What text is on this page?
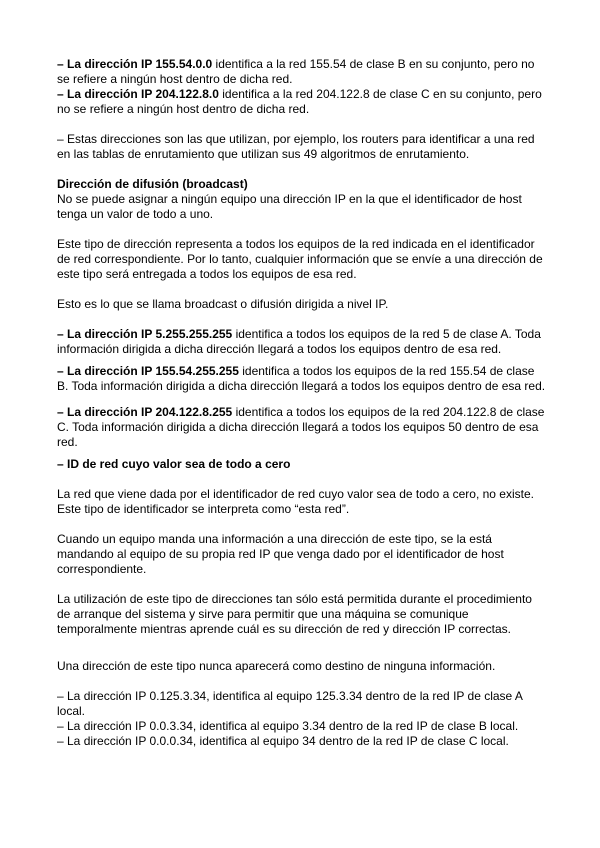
– La dirección IP 155.54.0.0 identifica a la red 155.54 de clase B en su conjunto, pero no se refiere a ningún host dentro de dicha red.

– La dirección IP 204.122.8.0 identifica a la red 204.122.8 de clase C en su conjunto, pero no se refiere a ningún host dentro de dicha red.

– Estas direcciones son las que utilizan, por ejemplo, los routers para identificar a una red en las tablas de enrutamiento que utilizan sus 49 algoritmos de enrutamiento.

Dirección de difusión (broadcast)

No se puede asignar a ningún equipo una dirección IP en la que el identificador de host tenga un valor de todo a uno.

Este tipo de dirección representa a todos los equipos de la red indicada en el identificador de red correspondiente. Por lo tanto, cualquier información que se envíe a una dirección de este tipo será entregada a todos los equipos de esa red.

Esto es lo que se llama broadcast o difusión dirigida a nivel IP.

– La dirección IP 5.255.255.255 identifica a todos los equipos de la red 5 de clase A. Toda información dirigida a dicha dirección llegará a todos los equipos dentro de esa red.

– La dirección IP 155.54.255.255 identifica a todos los equipos de la red 155.54 de clase B. Toda información dirigida a dicha dirección llegará a todos los equipos dentro de esa red.

– La dirección IP 204.122.8.255 identifica a todos los equipos de la red 204.122.8 de clase C. Toda información dirigida a dicha dirección llegará a todos los equipos 50 dentro de esa red.

– ID de red cuyo valor sea de todo a cero

La red que viene dada por el identificador de red cuyo valor sea de todo a cero, no existe. Este tipo de identificador se interpreta como “esta red”.

Cuando un equipo manda una información a una dirección de este tipo, se la está mandando al equipo de su propia red IP que venga dado por el identificador de host correspondiente.

La utilización de este tipo de direcciones tan sólo está permitida durante el procedimiento de arranque del sistema y sirve para permitir que una máquina se comunique temporalmente mientras aprende cuál es su dirección de red y dirección IP correctas.

Una dirección de este tipo nunca aparecerá como destino de ninguna información.

– La dirección IP 0.125.3.34, identifica al equipo 125.3.34 dentro de la red IP de clase A local.

– La dirección IP 0.0.3.34, identifica al equipo 3.34 dentro de la red IP de clase B local.

– La dirección IP 0.0.0.34, identifica al equipo 34 dentro de la red IP de clase C local.
